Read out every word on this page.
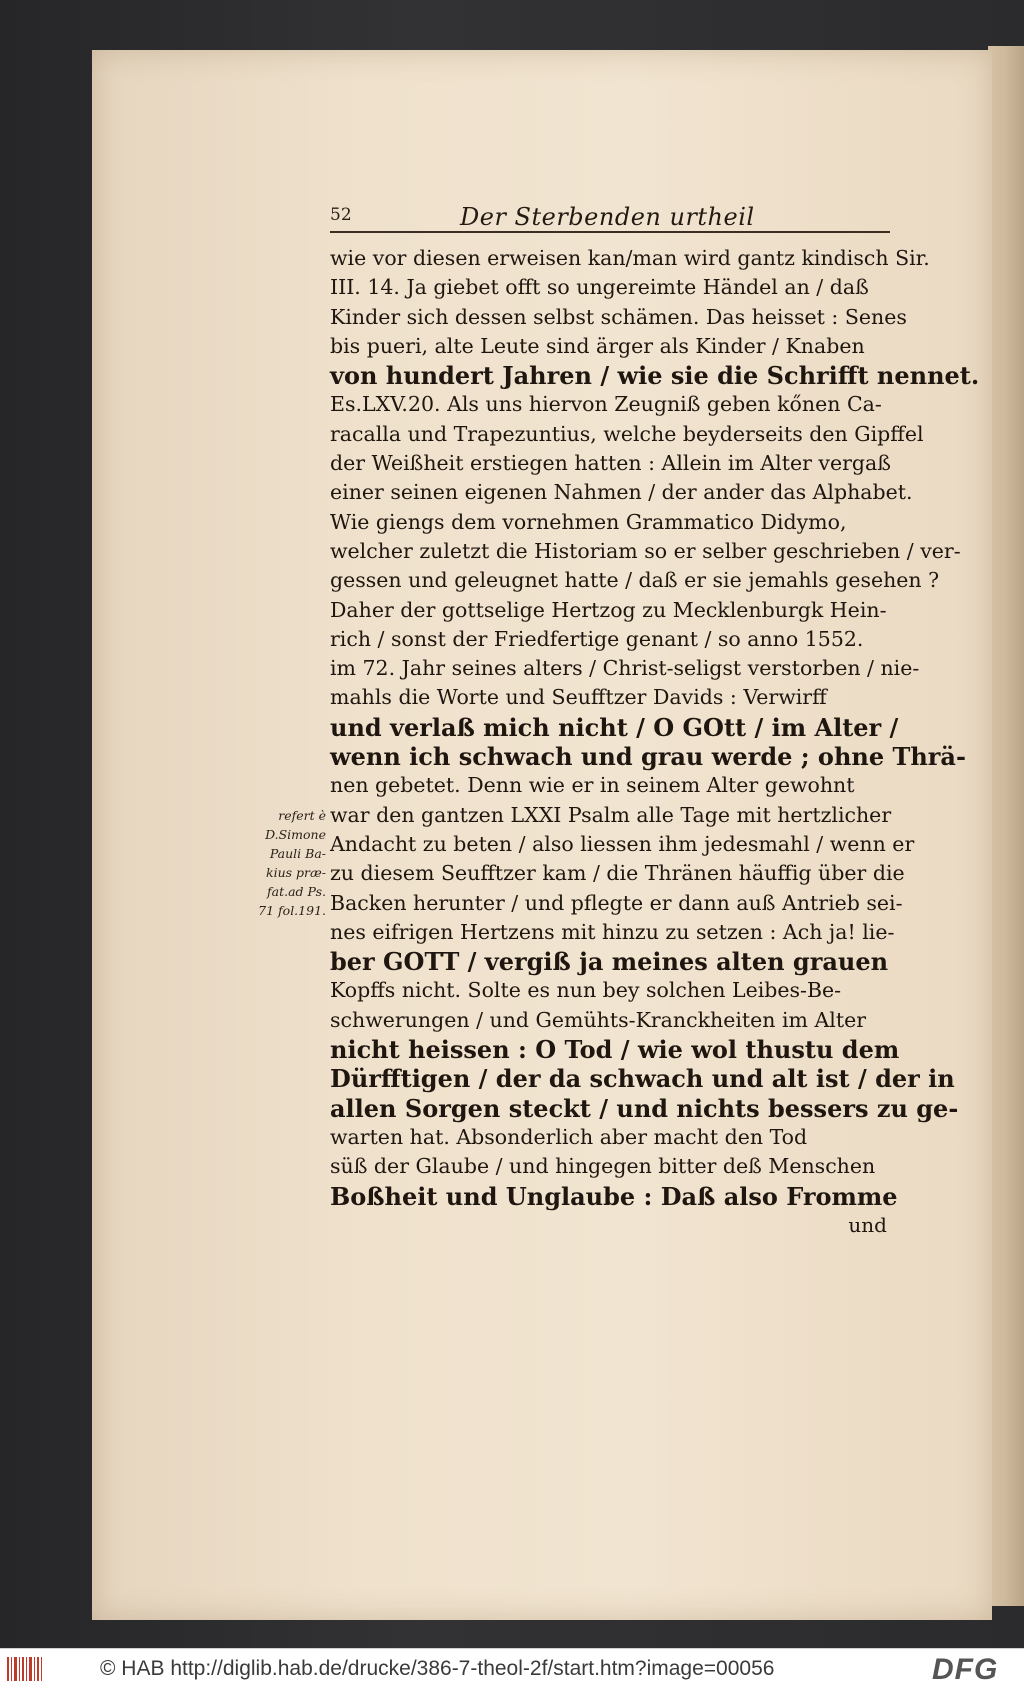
52	Der Sterbenden urtheil
wie vor diesen erweisen kan/man wird gantz kindisch Sir.
III. 14. Ja giebet offt so ungereimte Händel an / daß
Kinder sich dessen selbst schämen. Das heisset : Senes
bis pueri, alte Leute sind ärger als Kinder / Knaben
von hundert Jahren / wie sie die Schrifft nennet.
Es.LXV.20. Als uns hiervon Zeugniß geben kőnen Ca-
racalla und Trapezuntius, welche beyderseits den Gipffel
der Weißheit erstiegen hatten : Allein im Alter vergaß
einer seinen eigenen Nahmen / der ander das Alphabet.
Wie giengs dem vornehmen Grammatico Didymo,
welcher zuletzt die Historiam so er selber geschrieben / ver-
gessen und geleugnet hatte / daß er sie jemahls gesehen ?
Daher der gottselige Hertzog zu Mecklenburgk Hein-
rich / sonst der Friedfertige genant / so anno 1552.
im 72. Jahr seines alters / Christ-seligst verstorben / nie-
mahls die Worte und Seufftzer Davids : Verwirff
und verlaß mich nicht / O GOtt / im Alter /
wenn ich schwach und grau werde ; ohne Thrä-
nen gebetet. Denn wie er in seinem Alter gewohnt
war den gantzen LXXI Psalm alle Tage mit hertzlicher
Andacht zu beten / also liessen ihm jedesmahl / wenn er
zu diesem Seufftzer kam / die Thränen häuffig über die
Backen herunter / und pflegte er dann auß Antrieb sei-
nes eifrigen Hertzens mit hinzu zu setzen : Ach ja! lie-
ber GOTT / vergiß ja meines alten grauen
Kopffs nicht. Solte es nun bey solchen Leibes-Be-
schwerungen / und Gemühts-Kranckheiten im Alter
nicht heissen : O Tod / wie wol thustu dem
Dürfftigen / der da schwach und alt ist / der in
allen Sorgen steckt / und nichts bessers zu ge-
warten hat. Absonderlich aber macht den Tod
süß der Glaube / und hingegen bitter deß Menschen
Boßheit und Unglaube : Daß also Fromme
und
refert è
D.Simone
Pauli Ba-
kius præ-
fat.ad Ps.
71 fol.191.
© HAB http://diglib.hab.de/drucke/386-7-theol-2f/start.htm?image=00056	DFG
